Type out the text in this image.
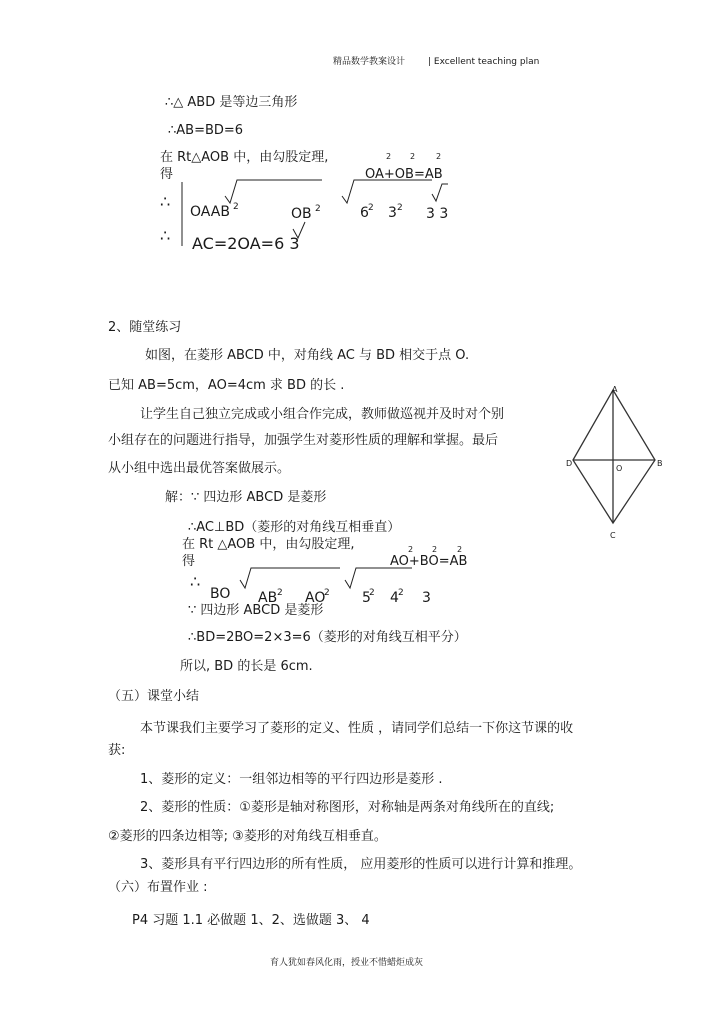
精品数学教案设计	| Excellent teaching plan
∴△ ABD 是等边三角形
∴AB=BD=6
在 Rt△AOB 中，由勾股定理,
得
2 2	2
OA+OB=AB
∴
OAAB 2	OB 2	6 2 3 2 3 3
∴ AC=2OA=6 3
2、随堂练习
如图，在菱形 ABCD 中，对角线 AC 与 BD 相交于点 O.
已知 AB=5cm，AO=4cm 求 BD 的长 .
让学生自己独立完成或小组合作完成，教师做巡视并及时对个别
小组存在的问题进行指导，加强学生对菱形性质的理解和掌握。最后
从小组中选出最优答案做展示。
解：∵ 四边形 ABCD 是菱形
∴AC⊥BD（菱形的对角线互相垂直）
在 Rt △AOB 中，由勾股定理,
得
2 2 2
AO+BO=AB
∴
BO AB 2 AO
2 5
2 4 2 3
∵ 四边形 ABCD 是菱形
∴BD=2BO=2×3=6（菱形的对角线互相平分）
所以, BD 的长是 6cm.
A
B
C
D
O
（五）课堂小结
本节课我们主要学习了菱形的定义、性质 ，请同学们总结一下你这节课的收
获:
1、菱形的定义：一组邻边相等的平行四边形是菱形 .
2、菱形的性质：①菱形是轴对称图形，对称轴是两条对角线所在的直线;
②菱形的四条边相等; ③菱形的对角线互相垂直。
3、菱形具有平行四边形的所有性质， 应用菱形的性质可以进行计算和推理。
（六）布置作业 :
P4 习题 1.1 必做题 1、2、选做题 3、 4
育人犹如春风化雨，授业不惜蜡炬成灰
